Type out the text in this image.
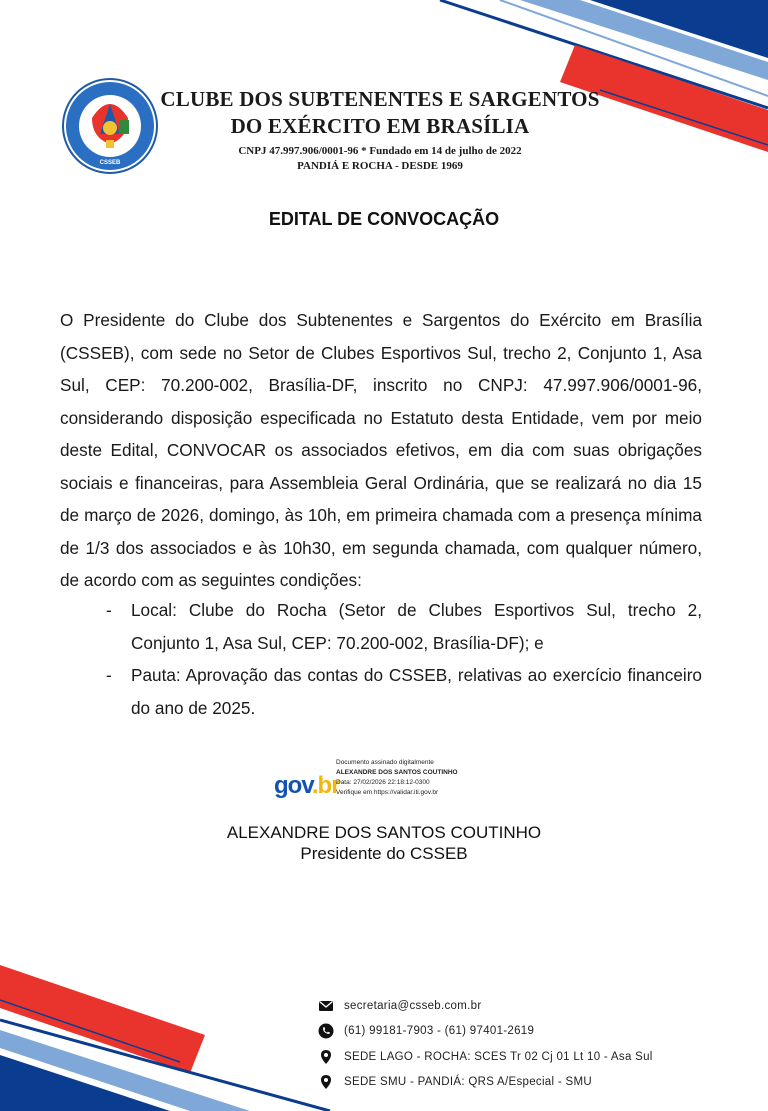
CSSEB
CLUBE DOS SUBTENENTES E SARGENTOS
DO EXÉRCITO EM BRASÍLIA
CNPJ 47.997.906/0001-96 * Fundado em 14 de julho de 2022
PANDIÁ E ROCHA - DESDE 1969
EDITAL DE CONVOCAÇÃO
O Presidente do Clube dos Subtenentes e Sargentos do Exército em Brasília (CSSEB), com sede no Setor de Clubes Esportivos Sul, trecho 2, Conjunto 1, Asa Sul, CEP: 70.200-002, Brasília-DF, inscrito no CNPJ: 47.997.906/0001-96, considerando disposição especificada no Estatuto desta Entidade, vem por meio deste Edital, CONVOCAR os associados efetivos, em dia com suas obrigações sociais e financeiras, para Assembleia Geral Ordinária, que se realizará no dia 15 de março de 2026, domingo, às 10h, em primeira chamada com a presença mínima de 1/3 dos associados e às 10h30, em segunda chamada, com qualquer número, de acordo com as seguintes condições:
- Local: Clube do Rocha (Setor de Clubes Esportivos Sul, trecho 2, Conjunto 1, Asa Sul, CEP: 70.200-002, Brasília-DF); e
- Pauta: Aprovação das contas do CSSEB, relativas ao exercício financeiro do ano de 2025.
gov.br
Documento assinado digitalmente
ALEXANDRE DOS SANTOS COUTINHO
Data: 27/02/2026 22:18:12-0300
Verifique em https://validar.iti.gov.br
ALEXANDRE DOS SANTOS COUTINHO
Presidente do CSSEB
secretaria@csseb.com.br
(61) 99181-7903 - (61) 97401-2619
SEDE LAGO - ROCHA: SCES Tr 02 Cj 01 Lt 10 - Asa Sul
SEDE SMU - PANDIÁ: QRS A/Especial - SMU
